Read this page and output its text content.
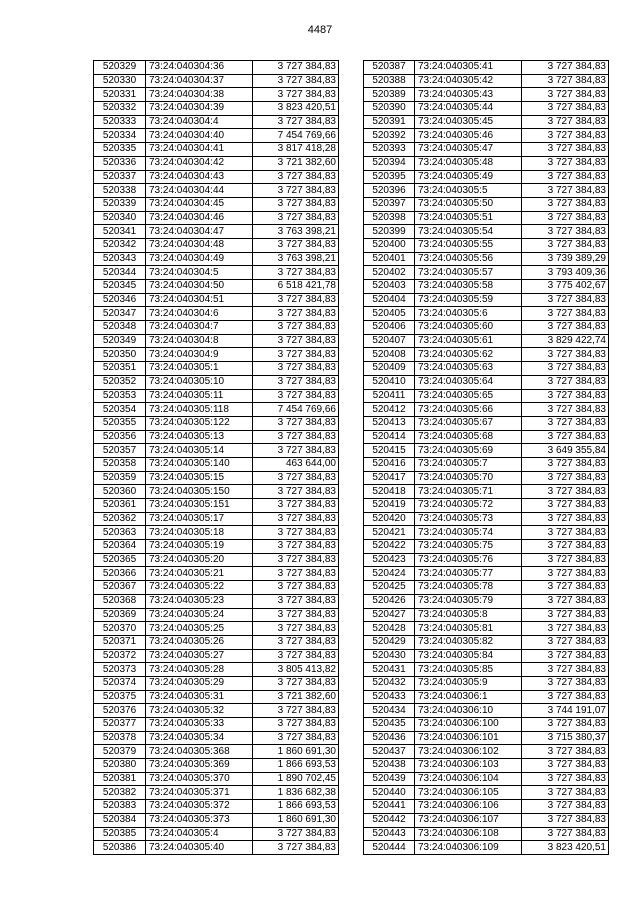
4487
520329	73:24:040304:36	3 727 384,83
520330	73:24:040304:37	3 727 384,83
520331	73:24:040304:38	3 727 384,83
520332	73:24:040304:39	3 823 420,51
520333	73:24:040304:4	3 727 384,83
520334	73:24:040304:40	7 454 769,66
520335	73:24:040304:41	3 817 418,28
520336	73:24:040304:42	3 721 382,60
520337	73:24:040304:43	3 727 384,83
520338	73:24:040304:44	3 727 384,83
520339	73:24:040304:45	3 727 384,83
520340	73:24:040304:46	3 727 384,83
520341	73:24:040304:47	3 763 398,21
520342	73:24:040304:48	3 727 384,83
520343	73:24:040304:49	3 763 398,21
520344	73:24:040304:5	3 727 384,83
520345	73:24:040304:50	6 518 421,78
520346	73:24:040304:51	3 727 384,83
520347	73:24:040304:6	3 727 384,83
520348	73:24:040304:7	3 727 384,83
520349	73:24:040304:8	3 727 384,83
520350	73:24:040304:9	3 727 384,83
520351	73:24:040305:1	3 727 384,83
520352	73:24:040305:10	3 727 384,83
520353	73:24:040305:11	3 727 384,83
520354	73:24:040305:118	7 454 769,66
520355	73:24:040305:122	3 727 384,83
520356	73:24:040305:13	3 727 384,83
520357	73:24:040305:14	3 727 384,83
520358	73:24:040305:140	463 644,00
520359	73:24:040305:15	3 727 384,83
520360	73:24:040305:150	3 727 384,83
520361	73:24:040305:151	3 727 384,83
520362	73:24:040305:17	3 727 384,83
520363	73:24:040305:18	3 727 384,83
520364	73:24:040305:19	3 727 384,83
520365	73:24:040305:20	3 727 384,83
520366	73:24:040305:21	3 727 384,83
520367	73:24:040305:22	3 727 384,83
520368	73:24:040305:23	3 727 384,83
520369	73:24:040305:24	3 727 384,83
520370	73:24:040305:25	3 727 384,83
520371	73:24:040305:26	3 727 384,83
520372	73:24:040305:27	3 727 384,83
520373	73:24:040305:28	3 805 413,82
520374	73:24:040305:29	3 727 384,83
520375	73:24:040305:31	3 721 382,60
520376	73:24:040305:32	3 727 384,83
520377	73:24:040305:33	3 727 384,83
520378	73:24:040305:34	3 727 384,83
520379	73:24:040305:368	1 860 691,30
520380	73:24:040305:369	1 866 693,53
520381	73:24:040305:370	1 890 702,45
520382	73:24:040305:371	1 836 682,38
520383	73:24:040305:372	1 866 693,53
520384	73:24:040305:373	1 860 691,30
520385	73:24:040305:4	3 727 384,83
520386	73:24:040305:40	3 727 384,83
520387	73:24:040305:41	3 727 384,83
520388	73:24:040305:42	3 727 384,83
520389	73:24:040305:43	3 727 384,83
520390	73:24:040305:44	3 727 384,83
520391	73:24:040305:45	3 727 384,83
520392	73:24:040305:46	3 727 384,83
520393	73:24:040305:47	3 727 384,83
520394	73:24:040305:48	3 727 384,83
520395	73:24:040305:49	3 727 384,83
520396	73:24:040305:5	3 727 384,83
520397	73:24:040305:50	3 727 384,83
520398	73:24:040305:51	3 727 384,83
520399	73:24:040305:54	3 727 384,83
520400	73:24:040305:55	3 727 384,83
520401	73:24:040305:56	3 739 389,29
520402	73:24:040305:57	3 793 409,36
520403	73:24:040305:58	3 775 402,67
520404	73:24:040305:59	3 727 384,83
520405	73:24:040305:6	3 727 384,83
520406	73:24:040305:60	3 727 384,83
520407	73:24:040305:61	3 829 422,74
520408	73:24:040305:62	3 727 384,83
520409	73:24:040305:63	3 727 384,83
520410	73:24:040305:64	3 727 384,83
520411	73:24:040305:65	3 727 384,83
520412	73:24:040305:66	3 727 384,83
520413	73:24:040305:67	3 727 384,83
520414	73:24:040305:68	3 727 384,83
520415	73:24:040305:69	3 649 355,84
520416	73:24:040305:7	3 727 384,83
520417	73:24:040305:70	3 727 384,83
520418	73:24:040305:71	3 727 384,83
520419	73:24:040305:72	3 727 384,83
520420	73:24:040305:73	3 727 384,83
520421	73:24:040305:74	3 727 384,83
520422	73:24:040305:75	3 727 384,83
520423	73:24:040305:76	3 727 384,83
520424	73:24:040305:77	3 727 384,83
520425	73:24:040305:78	3 727 384,83
520426	73:24:040305:79	3 727 384,83
520427	73:24:040305:8	3 727 384,83
520428	73:24:040305:81	3 727 384,83
520429	73:24:040305:82	3 727 384,83
520430	73:24:040305:84	3 727 384,83
520431	73:24:040305:85	3 727 384,83
520432	73:24:040305:9	3 727 384,83
520433	73:24:040306:1	3 727 384,83
520434	73:24:040306:10	3 744 191,07
520435	73:24:040306:100	3 727 384,83
520436	73:24:040306:101	3 715 380,37
520437	73:24:040306:102	3 727 384,83
520438	73:24:040306:103	3 727 384,83
520439	73:24:040306:104	3 727 384,83
520440	73:24:040306:105	3 727 384,83
520441	73:24:040306:106	3 727 384,83
520442	73:24:040306:107	3 727 384,83
520443	73:24:040306:108	3 727 384,83
520444	73:24:040306:109	3 823 420,51
